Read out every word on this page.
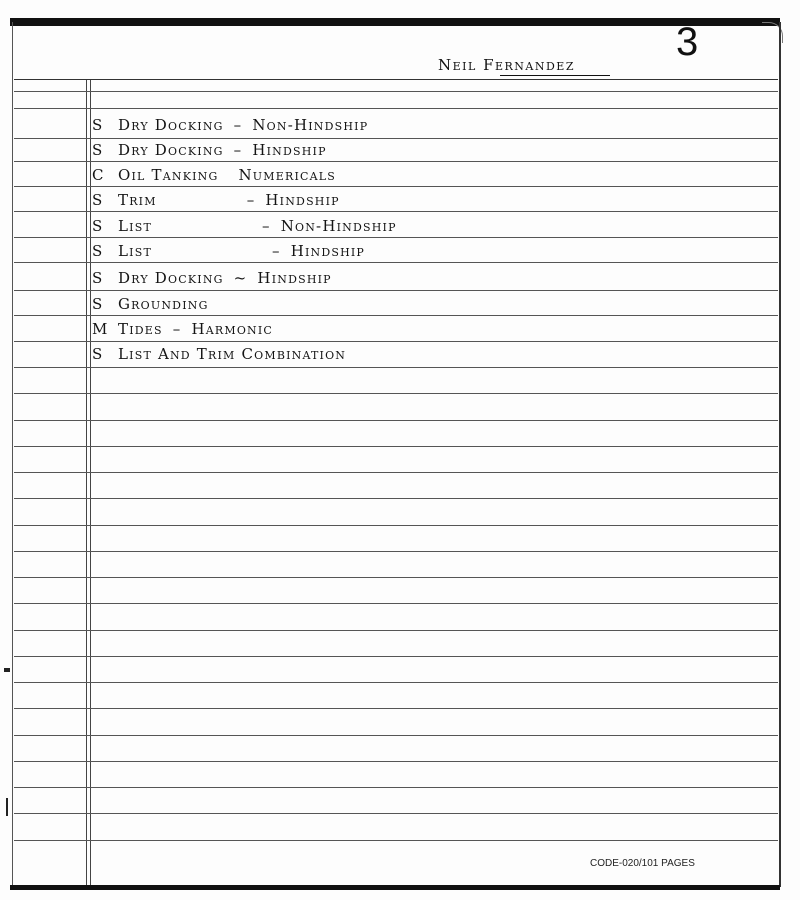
3
Neil Fernandez
S Dry Docking – Non-Hindship
S Dry Docking – Hindship
C Oil Tanking Numericals
S Trim	– Hindship
S List	– Non-Hindship
S List	– Hindship
S Dry Docking ~ Hindship
S Grounding
M Tides – Harmonic
S List And Trim Combination
CODE-020/101 PAGES
